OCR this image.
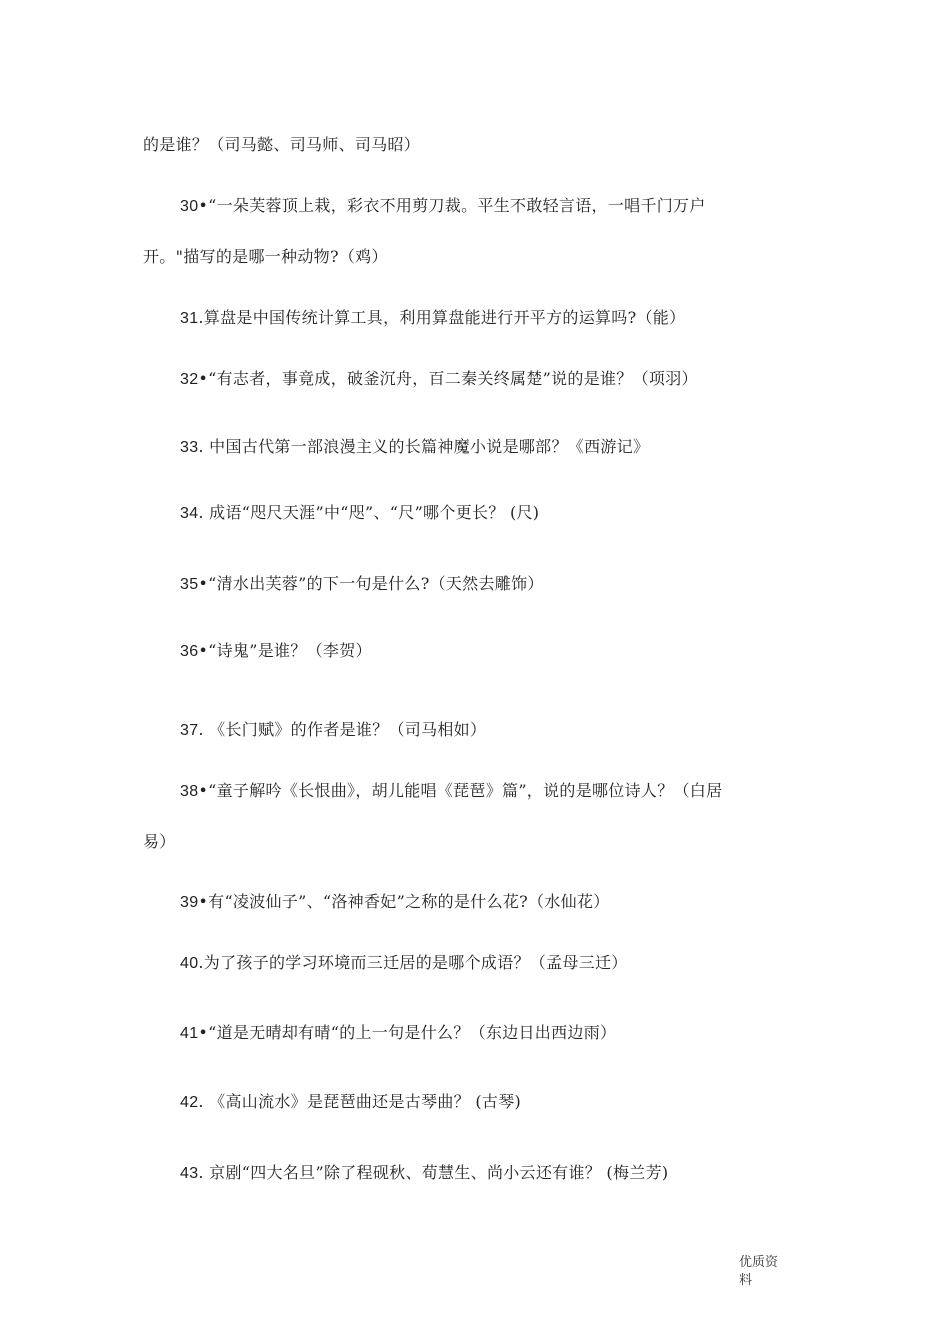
的是谁？（司马懿、司马师、司马昭）
30•“一朵芙蓉顶上栽，彩衣不用剪刀裁。平生不敢轻言语，一唱千门万户
开。"描写的是哪一种动物?（鸡）
31.算盘是中国传统计算工具，利用算盘能进行开平方的运算吗?（能）
32•“有志者，事竟成，破釜沉舟，百二秦关终属楚”说的是谁？（项羽）
33. 中国古代第一部浪漫主义的长篇神魔小说是哪部？《西游记》
34. 成语“咫尺天涯”中“咫”、“尺”哪个更长？ (尺)
35•“清水出芙蓉”的下一句是什么?（天然去雕饰）
36•“诗鬼”是谁？（李贺）
37. 《长门赋》的作者是谁？（司马相如）
38•“童子解吟《长恨曲》，胡儿能唱《琵琶》篇”，说的是哪位诗人？（白居
易）
39•有“凌波仙子”、“洛神香妃”之称的是什么花?（水仙花）
40.为了孩子的学习环境而三迁居的是哪个成语？（孟母三迁）
41•“道是无晴却有晴“的上一句是什么？（东边日出西边雨）
42. 《高山流水》是琵琶曲还是古琴曲？ (古琴)
43. 京剧“四大名旦”除了程砚秋、荀慧生、尚小云还有谁？ (梅兰芳)
优质资料
